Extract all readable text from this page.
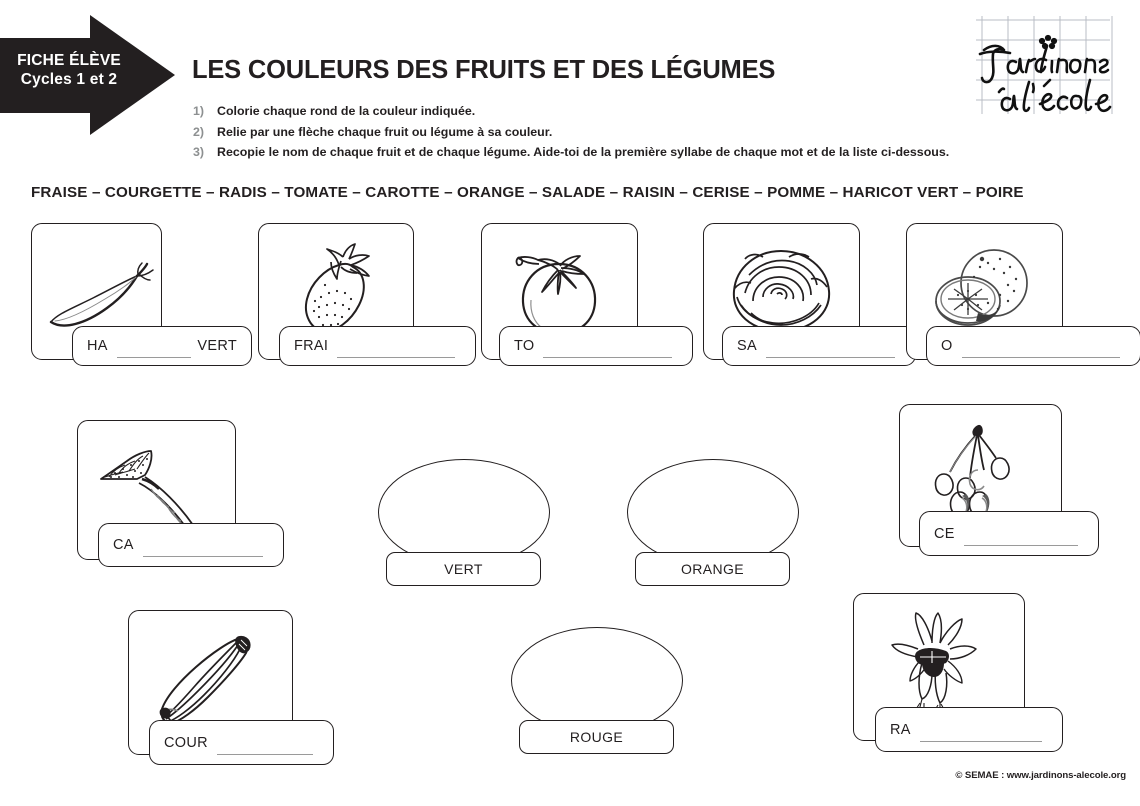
FICHE ÉLÈVE
Cycles 1 et 2	LES COULEURS DES FRUITS ET DES LÉGUMES
1)	Colorie chaque rond de la couleur indiquée.
2)	Relie par une flèche chaque fruit ou légume à sa couleur.
3)	Recopie le nom de chaque fruit et de chaque légume. Aide-toi de la première syllabe de chaque mot et de la liste ci-dessous.
FRAISE – COURGETTE – RADIS – TOMATE – CAROTTE – ORANGE – SALADE – RAISIN – CERISE – POMME – HARICOT VERT – POIRE
HA	VERT	FRAI	TO	SA	O
CA
VERT	ORANGE
CE
COUR	ROUGE	RA
© SEMAE : www.jardinons-alecole.org
